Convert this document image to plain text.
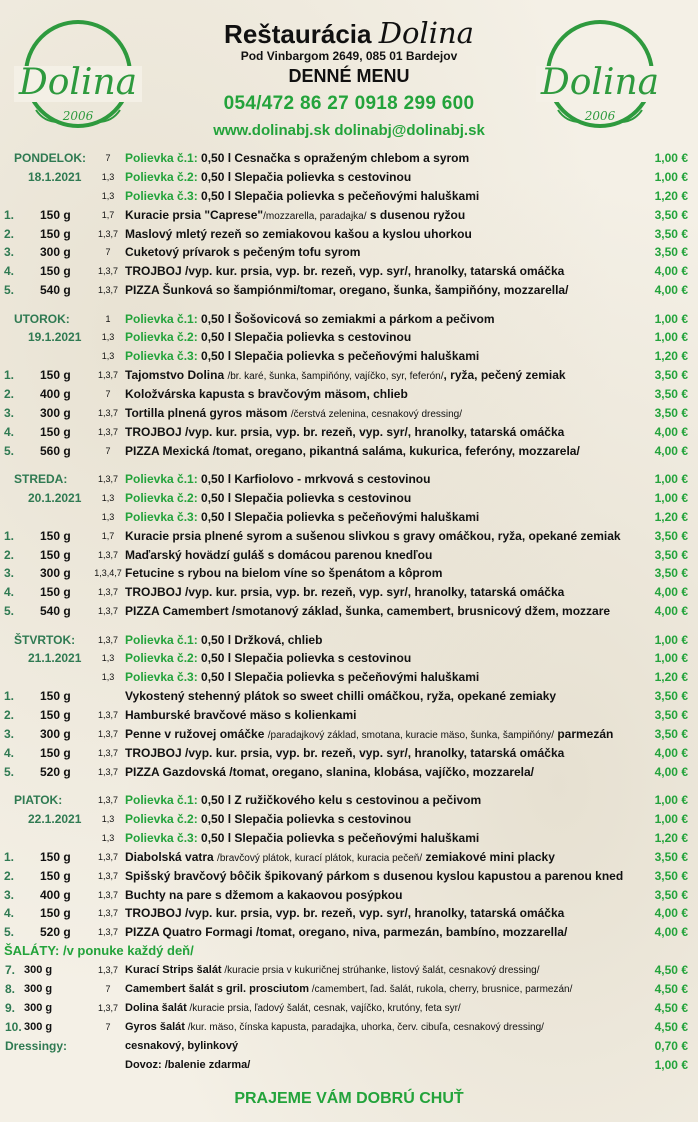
Dolina
2006
Dolina
2006
Reštaurácia Dolina
Pod Vinbargom 2649, 085 01 Bardejov
DENNÉ MENU
054/472 86 27 0918 299 600
www.dolinabj.sk dolinabj@dolinabj.sk
PONDELOK:	7	Polievka č.1: 0,50 l Cesnačka s opraženým chlebom a syrom	1,00 €
18.1.2021	1,3 Polievka č.2: 0,50 l Slepačia polievka s cestovinou	1,00 €
1,3 Polievka č.3: 0,50 l Slepačia polievka s pečeňovými haluškami	1,20 €
1. 150 g	1,7 Kuracie prsia "Caprese"/mozzarella, paradajka/ s dusenou ryžou	3,50 €
2. 150 g	1,3,7 Maslový mletý rezeň so zemiakovou kašou a kyslou uhorkou	3,50 €
3. 300 g	7	Cuketový prívarok s pečeným tofu syrom	3,50 €
4. 150 g	1,3,7 TROJBOJ /vyp. kur. prsia, vyp. br. rezeň, vyp. syr/, hranolky, tatarská omáčka	4,00 €
5. 540 g	1,3,7 PIZZA Šunková so šampiónmi/tomar, oregano, šunka, šampiňóny, mozzarella/	4,00 €
UTOROK:	1	Polievka č.1: 0,50 l Šošovicová so zemiakmi a párkom a pečivom	1,00 €
19.1.2021	1,3 Polievka č.2: 0,50 l Slepačia polievka s cestovinou	1,00 €
1,3 Polievka č.3: 0,50 l Slepačia polievka s pečeňovými haluškami	1,20 €
1. 150 g	1,3,7 Tajomstvo Dolina /br. karé, šunka, šampiňóny, vajíčko, syr, feferón/, ryža, pečený zemiak	3,50 €
2. 400 g	7	Koložvárska kapusta s bravčovým mäsom, chlieb	3,50 €
3. 300 g	1,3,7 Tortilla plnená gyros mäsom /čerstvá zelenina, cesnakový dressing/	3,50 €
4. 150 g	1,3,7 TROJBOJ /vyp. kur. prsia, vyp. br. rezeň, vyp. syr/, hranolky, tatarská omáčka	4,00 €
5. 560 g	7	PIZZA Mexická /tomat, oregano, pikantná saláma, kukurica, feferóny, mozzarela/	4,00 €
STREDA:	1,3,7 Polievka č.1: 0,50 l Karfiolovo - mrkvová s cestovinou	1,00 €
20.1.2021	1,3 Polievka č.2: 0,50 l Slepačia polievka s cestovinou	1,00 €
1,3 Polievka č.3: 0,50 l Slepačia polievka s pečeňovými haluškami	1,20 €
1. 150 g	1,7 Kuracie prsia plnené syrom a sušenou slivkou s gravy omáčkou, ryža, opekané zemiak	3,50 €
2. 150 g	1,3,7 Maďarský hovädzí guláš s domácou parenou knedľou	3,50 €
3. 300 g	1,3,4,7 Fetucine s rybou na bielom víne so špenátom a kôprom	3,50 €
4. 150 g	1,3,7 TROJBOJ /vyp. kur. prsia, vyp. br. rezeň, vyp. syr/, hranolky, tatarská omáčka	4,00 €
5. 540 g	1,3,7 PIZZA Camembert /smotanový základ, šunka, camembert, brusnicový džem, mozzare	4,00 €
ŠTVRTOK:	1,3,7 Polievka č.1: 0,50 l Držková, chlieb	1,00 €
21.1.2021	1,3 Polievka č.2: 0,50 l Slepačia polievka s cestovinou	1,00 €
1,3 Polievka č.3: 0,50 l Slepačia polievka s pečeňovými haluškami	1,20 €
1. 150 g	Vykostený stehenný plátok so sweet chilli omáčkou, ryža, opekané zemiaky	3,50 €
2. 150 g	1,3,7 Hamburské bravčové mäso s kolienkami	3,50 €
3. 300 g	1,3,7 Penne v ružovej omáčke /paradajkový základ, smotana, kuracie mäso, šunka, šampiňóny/ parmezán	3,50 €
4. 150 g	1,3,7 TROJBOJ /vyp. kur. prsia, vyp. br. rezeň, vyp. syr/, hranolky, tatarská omáčka	4,00 €
5. 520 g	1,3,7 PIZZA Gazdovská /tomat, oregano, slanina, klobása, vajíčko, mozzarela/	4,00 €
PIATOK:	1,3,7 Polievka č.1: 0,50 l Z ružičkového kelu s cestovinou a pečivom	1,00 €
22.1.2021	1,3 Polievka č.2: 0,50 l Slepačia polievka s cestovinou	1,00 €
1,3 Polievka č.3: 0,50 l Slepačia polievka s pečeňovými haluškami	1,20 €
1. 150 g	1,3,7 Diabolská vatra /bravčový plátok, kurací plátok, kuracia pečeň/ zemiakové mini placky	3,50 €
2. 150 g	1,3,7 Spišský bravčový bôčik špikovaný párkom s dusenou kyslou kapustou a parenou kned	3,50 €
3. 400 g	1,3,7 Buchty na pare s džemom a kakaovou posýpkou	3,50 €
4. 150 g	1,3,7 TROJBOJ /vyp. kur. prsia, vyp. br. rezeň, vyp. syr/, hranolky, tatarská omáčka	4,00 €
5. 520 g	1,3,7 PIZZA Quatro Formagi /tomat, oregano, niva, parmezán, bambíno, mozzarella/	4,00 €
ŠALÁTY: /v ponuke každý deň/
7. 300 g	1,3,7 Kurací Strips šalát /kuracie prsia v kukuričnej strúhanke, listový šalát, cesnakový dressing/	4,50 €
8. 300 g	7	Camembert šalát s gril. prosciutom /camembert, ľad. šalát, rukola, cherry, brusnice, parmezán/	4,50 €
9. 300 g	1,3,7 Dolina šalát /kuracie prsia, ľadový šalát, cesnak, vajíčko, krutóny, feta syr/	4,50 €
10. 300 g	7	Gyros šalát /kur. mäso, čínska kapusta, paradajka, uhorka, červ. cibuľa, cesnakový dressing/	4,50 €
Dressingy:	cesnakový, bylinkový	0,70 €
Dovoz: /balenie zdarma/	1,00 €
PRAJEME VÁM DOBRÚ CHUŤ
